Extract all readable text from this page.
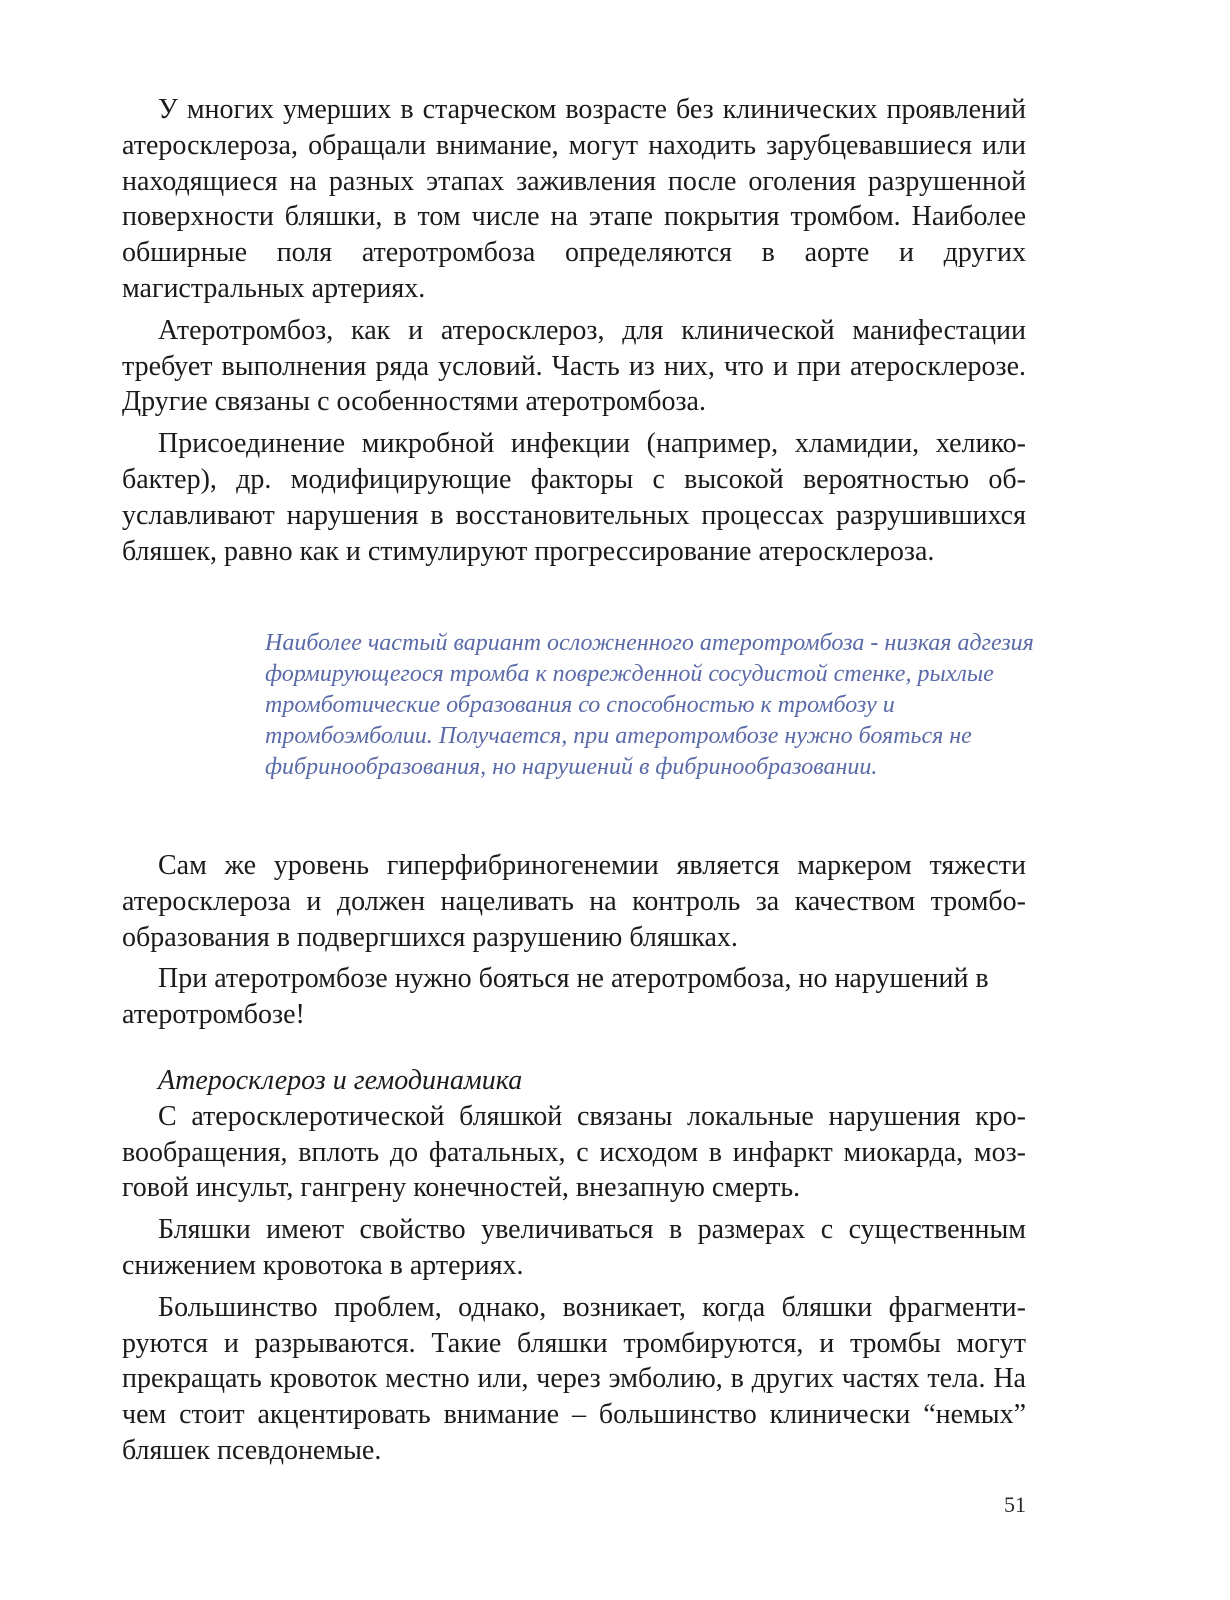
У многих умерших в старческом возрасте без клинических проявлений атеросклероза, обращали внимание, могут находить зарубцевавшиеся или находящиеся на разных этапах заживления после оголения разрушенной поверхности бляшки, в том числе на этапе покрытия тромбом. Наиболее обширные поля атеротромбоза определяются в аорте и других магистральных артериях.

Атеротромбоз, как и атеросклероз, для клинической манифестации требует выполнения ряда условий. Часть из них, что и при атеросклерозе. Другие связаны с особенностями атеротромбоза.

Присоединение микробной инфекции (например, хламидии, хеликобактер), др. модифицирующие факторы с высокой вероятностью обуславливают нарушения в восстановительных процессах разрушившихся бляшек, равно как и стимулируют прогрессирование атеросклероза.

Наиболее частый вариант осложненного атеротромбоза - низкая адгезия формирующегося тромба к поврежденной сосудистой стенке, рыхлые тромботические образования со способностью к тромбозу и тромбоэмболии. Получается, при атеротромбозе нужно бояться не фибринообразования, но нарушений в фибринообразовании.

Сам же уровень гиперфибриногенемии является маркером тяжести атеросклероза и должен нацеливать на контроль за качеством тромбообразования в подвергшихся разрушению бляшках.

При атеротромбозе нужно бояться не атеротромбоза, но нарушений в атеротромбозе!

Атеросклероз и гемодинамика

С атеросклеротической бляшкой связаны локальные нарушения кровообращения, вплоть до фатальных, с исходом в инфаркт миокарда, мозговой инсульт, гангрену конечностей, внезапную смерть.

Бляшки имеют свойство увеличиваться в размерах с существенным снижением кровотока в артериях.

Большинство проблем, однако, возникает, когда бляшки фрагментируются и разрываются. Такие бляшки тромбируются, и тромбы могут прекращать кровоток местно или, через эмболию, в других частях тела. На чем стоит акцентировать внимание – большинство клинически “немых” бляшек псевдонемые.

51
